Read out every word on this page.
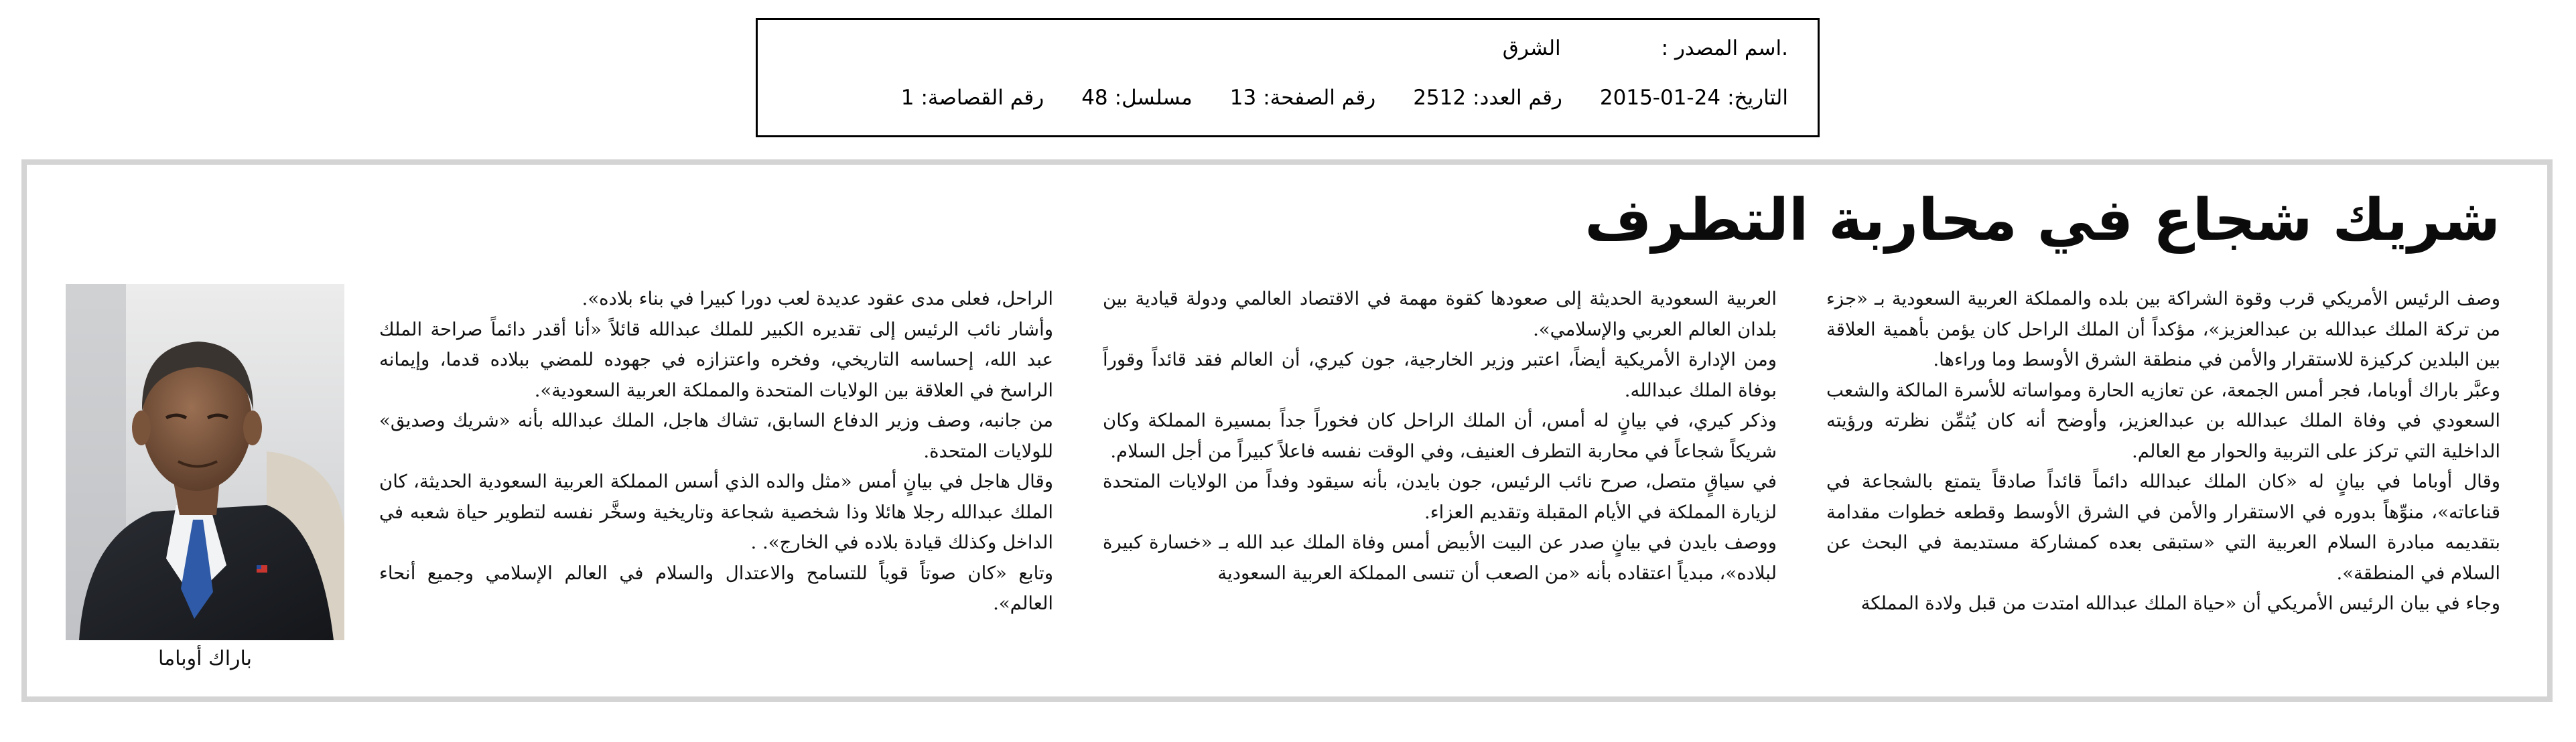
.اسم المصدر :
الشرق
التاريخ:
2015-01-24
رقم العدد:
2512
رقم الصفحة:
13
مسلسل:
48
رقم القصاصة:
1
شريك شجاع في محاربة التطرف

وصف الرئيس الأمريكي قرب وقوة الشراكة بين بلده والمملكة العربية السعودية بـ «جزء من تركة الملك عبدالله بن عبدالعزيز»، مؤكداً أن الملك الراحل كان يؤمن بأهمية العلاقة بين البلدين كركيزة للاستقرار والأمن في منطقة الشرق الأوسط وما وراءها.

وعبَّر باراك أوباما، فجر أمس الجمعة، عن تعازيه الحارة ومواساته للأسرة المالكة والشعب السعودي في وفاة الملك عبدالله بن عبدالعزيز، وأوضح أنه كان يُثمِّن نظرته ورؤيته الداخلية التي تركز على التربية والحوار مع العالم.

وقال أوباما في بيانٍ له «كان الملك عبدالله دائماً قائداً صادقاً يتمتع بالشجاعة في قناعاته»، منوِّهاً بدوره في الاستقرار والأمن في الشرق الأوسط وقطعه خطوات مقدامة بتقديمه مبادرة السلام العربية التي «ستبقى بعده كمشاركة مستديمة في البحث عن السلام في المنطقة».

وجاء في بيان الرئيس الأمريكي أن «حياة الملك عبدالله امتدت من قبل ولادة المملكة

العربية السعودية الحديثة إلى صعودها كقوة مهمة في الاقتصاد العالمي ودولة قيادية بين بلدان العالم العربي والإسلامي».

ومن الإدارة الأمريكية أيضاً، اعتبر وزير الخارجية، جون كيري، أن العالم فقد قائداً وقوراً بوفاة الملك عبدالله.

وذكر كيري، في بيانٍ له أمس، أن الملك الراحل كان فخوراً جداً بمسيرة المملكة وكان شريكاً شجاعاً في محاربة التطرف العنيف، وفي الوقت نفسه فاعلاً كبيراً من أجل السلام.

في سياقٍ متصل، صرح نائب الرئيس، جون بايدن، بأنه سيقود وفداً من الولايات المتحدة لزيارة المملكة في الأيام المقبلة وتقديم العزاء.

ووصف بايدن في بيانٍ صدر عن البيت الأبيض أمس وفاة الملك عبد الله بـ «خسارة كبيرة لبلاده»، مبدياً اعتقاده بأنه «من الصعب أن تنسى المملكة العربية السعودية

الراحل، فعلى مدى عقود عديدة لعب دورا كبيرا في بناء بلاده».

وأشار نائب الرئيس إلى تقديره الكبير للملك عبدالله قائلاً «أنا أقدر دائماً صراحة الملك عبد الله، إحساسه التاريخي، وفخره واعتزازه في جهوده للمضي ببلاده قدما، وإيمانه الراسخ في العلاقة بين الولايات المتحدة والمملكة العربية السعودية».

من جانبه، وصف وزير الدفاع السابق، تشاك هاجل، الملك عبدالله بأنه «شريك وصديق» للولايات المتحدة.

وقال هاجل في بيانٍ أمس «مثل والده الذي أسس المملكة العربية السعودية الحديثة، كان الملك عبدالله رجلا هائلا وذا شخصية شجاعة وتاريخية وسخَّر نفسه لتطوير حياة شعبه في الداخل وكذلك قيادة بلاده في الخارج». .

وتابع «كان صوتاً قوياً للتسامح والاعتدال والسلام في العالم الإسلامي وجميع أنحاء العالم».

باراك أوباما
